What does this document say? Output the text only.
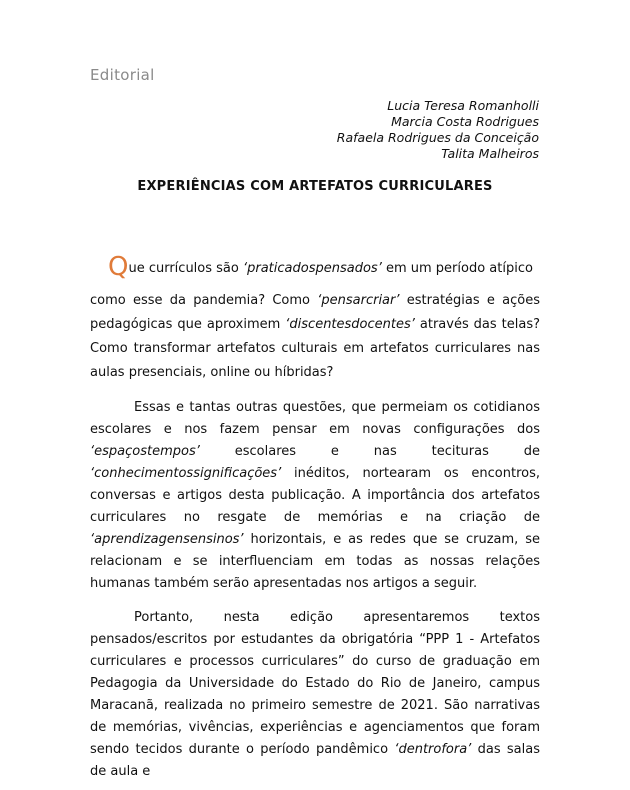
Editorial
Lucia Teresa Romanholli
Marcia Costa Rodrigues
Rafaela Rodrigues da Conceição
Talita Malheiros
EXPERIÊNCIAS COM ARTEFATOS CURRICULARES

Que currículos são ‘praticadospensados’ em um período atípico
como esse da pandemia? Como ‘pensarcriar’ estratégias e ações pedagógicas que aproximem ‘discentesdocentes’ através das telas? Como transformar artefatos culturais em artefatos curriculares nas aulas presenciais, online ou híbridas?

Essas e tantas outras questões, que permeiam os cotidianos escolares e nos fazem pensar em novas configurações dos ‘espaçostempos’ escolares e nas tecituras de ‘conhecimentossignificações’ inéditos, nortearam os encontros, conversas e artigos desta publicação. A importância dos artefatos curriculares no resgate de memórias e na criação de ‘aprendizagensensinos’ horizontais, e as redes que se cruzam, se relacionam e se interfluenciam em todas as nossas relações humanas também serão apresentadas nos artigos a seguir.

Portanto, nesta edição apresentaremos textos pensados/escritos por estudantes da obrigatória “PPP 1 - Artefatos curriculares e processos curriculares” do curso de graduação em Pedagogia da Universidade do Estado do Rio de Janeiro, campus Maracanã, realizada no primeiro semestre de 2021. São narrativas de memórias, vivências, experiências e agenciamentos que foram sendo tecidos durante o período pandêmico ‘dentrofora’ das salas de aula e
